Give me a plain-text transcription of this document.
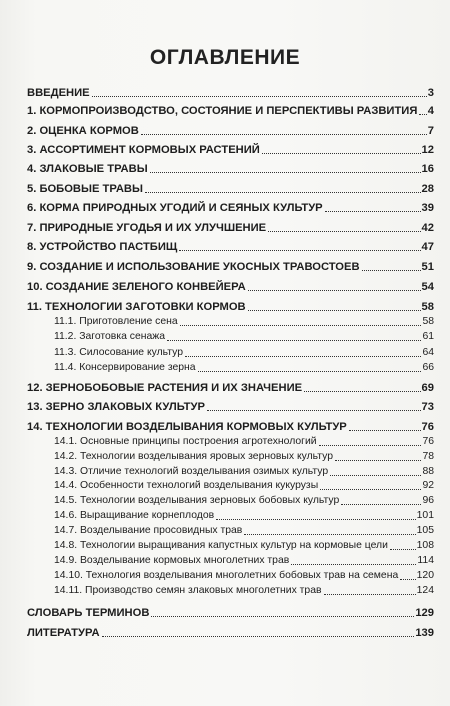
ОГЛАВЛЕНИЕ
ВВЕДЕНИЕ	3
1. КОРМОПРОИЗВОДСТВО, СОСТОЯНИЕ И ПЕРСПЕКТИВЫ РАЗВИТИЯ 4
2. ОЦЕНКА КОРМОВ	7
3. АССОРТИМЕНТ КОРМОВЫХ РАСТЕНИЙ	12
4. ЗЛАКОВЫЕ ТРАВЫ	16
5. БОБОВЫЕ ТРАВЫ	28
6. КОРМА ПРИРОДНЫХ УГОДИЙ И СЕЯНЫХ КУЛЬТУР	39
7. ПРИРОДНЫЕ УГОДЬЯ И ИХ УЛУЧШЕНИЕ	42
8. УСТРОЙСТВО ПАСТБИЩ	47
9. СОЗДАНИЕ И ИСПОЛЬЗОВАНИЕ УКОСНЫХ ТРАВОСТОЕВ	51
10. СОЗДАНИЕ ЗЕЛЕНОГО КОНВЕЙЕРА	54
11. ТЕХНОЛОГИИ ЗАГОТОВКИ КОРМОВ	58
11.1. Приготовление сена	58
11.2. Заготовка сенажа	61
11.3. Силосование культур	64
11.4. Консервирование зерна	66
12. ЗЕРНОБОБОВЫЕ РАСТЕНИЯ И ИХ ЗНАЧЕНИЕ	69
13. ЗЕРНО ЗЛАКОВЫХ КУЛЬТУР	73
14. ТЕХНОЛОГИИ ВОЗДЕЛЫВАНИЯ КОРМОВЫХ КУЛЬТУР	76
14.1. Основные принципы построения агротехнологий	76
14.2. Технологии возделывания яровых зерновых культур	78
14.3. Отличие технологий возделывания озимых культур	88
14.4. Особенности технологий возделывания кукурузы	92
14.5. Технологии возделывания зерновых бобовых культур	96
14.6. Выращивание корнеплодов	101
14.7. Возделывание просовидных трав	105
14.8. Технологии выращивания капустных культур на кормовые цели	108
14.9. Возделывание кормовых многолетних трав	114
14.10. Технология возделывания многолетних бобовых трав на семена 120
14.11. Производство семян злаковых многолетних трав	124
СЛОВАРЬ ТЕРМИНОВ	129
ЛИТЕРАТУРА	139
